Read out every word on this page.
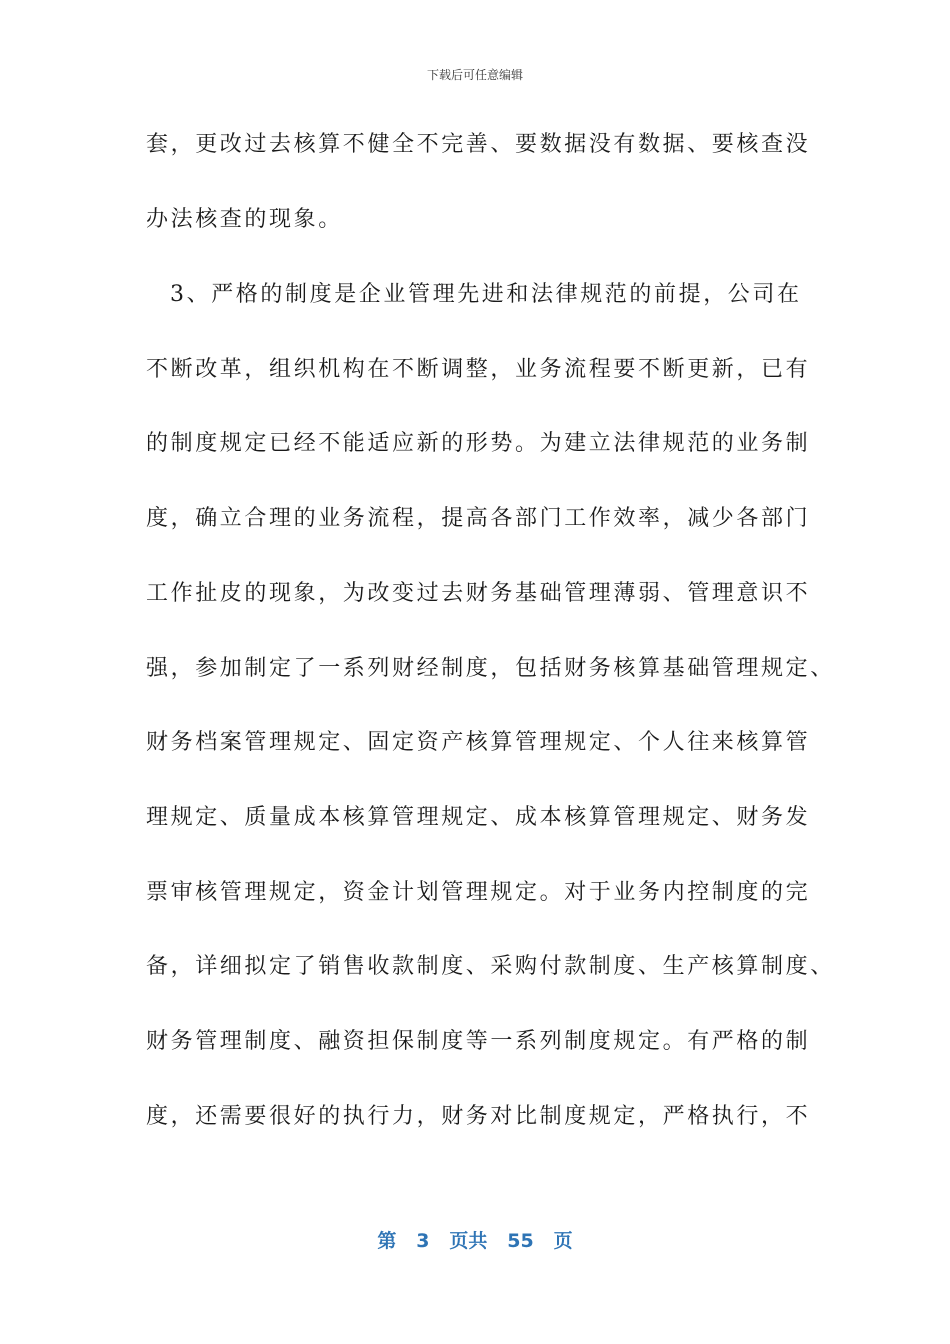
下载后可任意编辑
套，更改过去核算不健全不完善、要数据没有数据、要核查没
办法核查的现象。
3、严格的制度是企业管理先进和法律规范的前提，公司在
不断改革，组织机构在不断调整，业务流程要不断更新，已有
的制度规定已经不能适应新的形势。为建立法律规范的业务制
度，确立合理的业务流程，提高各部门工作效率，减少各部门
工作扯皮的现象，为改变过去财务基础管理薄弱、管理意识不
强，参加制定了一系列财经制度，包括财务核算基础管理规定、
财务档案管理规定、固定资产核算管理规定、个人往来核算管
理规定、质量成本核算管理规定、成本核算管理规定、财务发
票审核管理规定，资金计划管理规定。对于业务内控制度的完
备，详细拟定了销售收款制度、采购付款制度、生产核算制度、
财务管理制度、融资担保制度等一系列制度规定。有严格的制
度，还需要很好的执行力，财务对比制度规定，严格执行，不
第 3 页共 55 页
